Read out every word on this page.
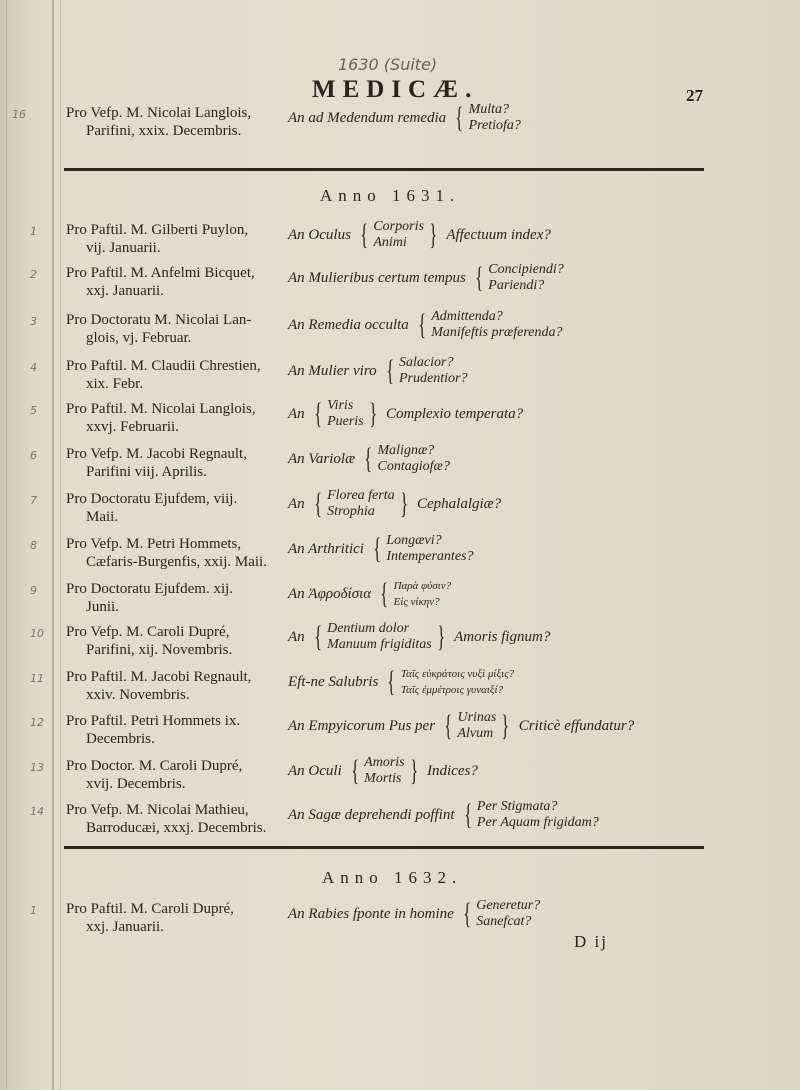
1630 (Suite)
MEDICÆ.	27
Anno 1631.
Anno 1632.
D ij
16	Pro Vefp. M. Nicolai Langlois,
Parifini, xxix. Decembris.
An ad Medendum remedia { Multa?
Pretiofa?
1 Pro Paftil. M. Gilberti Puylon,
vij. Januarii.
An Oculus { Corporis
Animi } Affectuum index?
2 Pro Paftil. M. Anfelmi Bicquet,
xxj. Januarii.
An Mulieribus certum tempus { Concipiendi?
Pariendi?
3 Pro Doctoratu M. Nicolai Lan-
glois, vj. Februar.
An Remedia occulta { Admittenda?
Manifeftis præferenda?
4 Pro Paftil. M. Claudii Chrestien,
xix. Febr.
An Mulier viro { Salacior?
Prudentior?
5 Pro Paftil. M. Nicolai Langlois,
xxvj. Februarii.
An { Viris
Pueris } Complexio temperata?
6 Pro Vefp. M. Jacobi Regnault,
Parifini viij. Aprilis.
An Variolæ { Malignæ?
Contagiofæ?
7 Pro Doctoratu Ejufdem, viij.
Maii.
An { Florea ferta
Strophia } Cephalalgiæ?
8 Pro Vefp. M. Petri Hommets,
Cæfaris-Burgenfis, xxij. Maii.
An Arthritici { Longævi?
Intemperantes?
9 Pro Doctoratu Ejufdem. xij.
Junii.
An Ἀφροδίσια { Παρὰ φύσιν?
Εἰς νίκην?
10 Pro Vefp. M. Caroli Dupré,
Parifini, xij. Novembris.
An { Dentium dolor
Manuum frigiditas } Amoris fignum?
11 Pro Paftil. M. Jacobi Regnault,
xxiv. Novembris.
Eft-ne Salubris { Ταῖς εὐκράτοις νυξὶ μίξις?
Ταῖς ἐμμέτροις γυναιξί?
12 Pro Paftil. Petri Hommets ix.
Decembris.
An Empyicorum Pus per { Urinas
Alvum } Criticè effundatur?
13 Pro Doctor. M. Caroli Dupré,
xvij. Decembris.
An Oculi { Amoris
Mortis } Indices?
14 Pro Vefp. M. Nicolai Mathieu,
Barroducæi, xxxj. Decembris.
An Sagæ deprehendi poffint { Per Stigmata?
Per Aquam frigidam?
1 Pro Paftil. M. Caroli Dupré,
xxj. Januarii.
An Rabies fponte in homine { Generetur?
Sanefcat?
